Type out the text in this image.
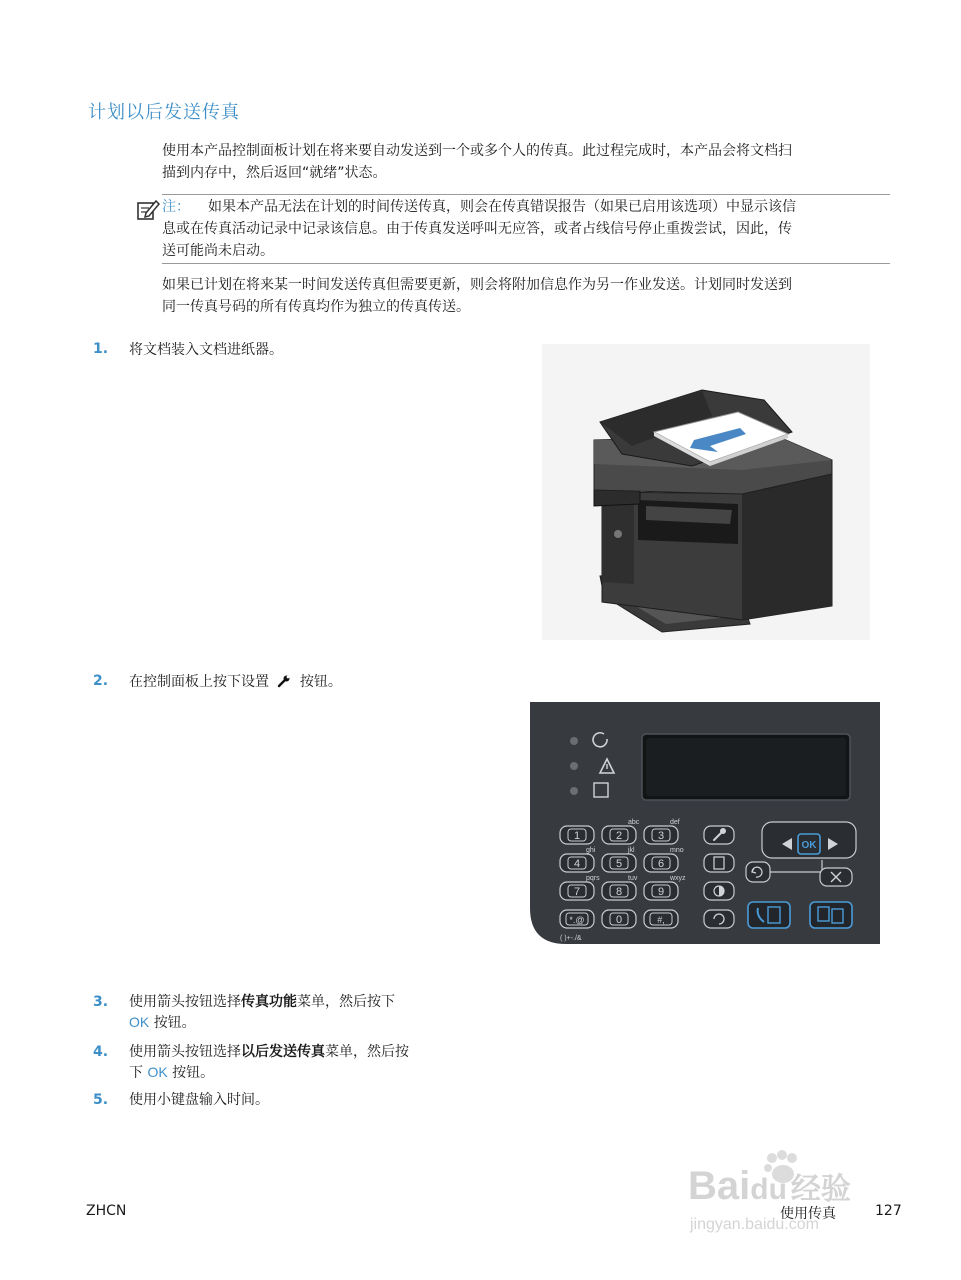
计划以后发送传真
使用本产品控制面板计划在将来要自动发送到一个或多个人的传真。此过程完成时，本产品会将文档扫
描到内存中，然后返回“就绪”状态。
注： 如果本产品无法在计划的时间传送传真，则会在传真错误报告（如果已启用该选项）中显示该信
息或在传真活动记录中记录该信息。由于传真发送呼叫无应答，或者占线信号停止重拨尝试，因此，传
送可能尚未启动。
如果已计划在将来某一时间发送传真但需要更新，则会将附加信息作为另一作业发送。计划同时发送到
同一传真号码的所有传真均作为独立的传真传送。
1. 将文档装入文档进纸器。
2. 在控制面板上按下设置 按钮。
1	2	3
4	5	6
7	8	9
*.@	0	#,
abc	def
ghi	jkl	mno
pqrs	tuv	wxyz
( )+-./&
OK
3. 使用箭头按钮选择传真功能菜单，然后按下
OK 按钮。
4. 使用箭头按钮选择以后发送传真菜单，然后按
下 OK 按钮。
5. 使用小键盘输入时间。
Baidu 经验
jingyan.baidu.com
ZHCN	使用传真	127
